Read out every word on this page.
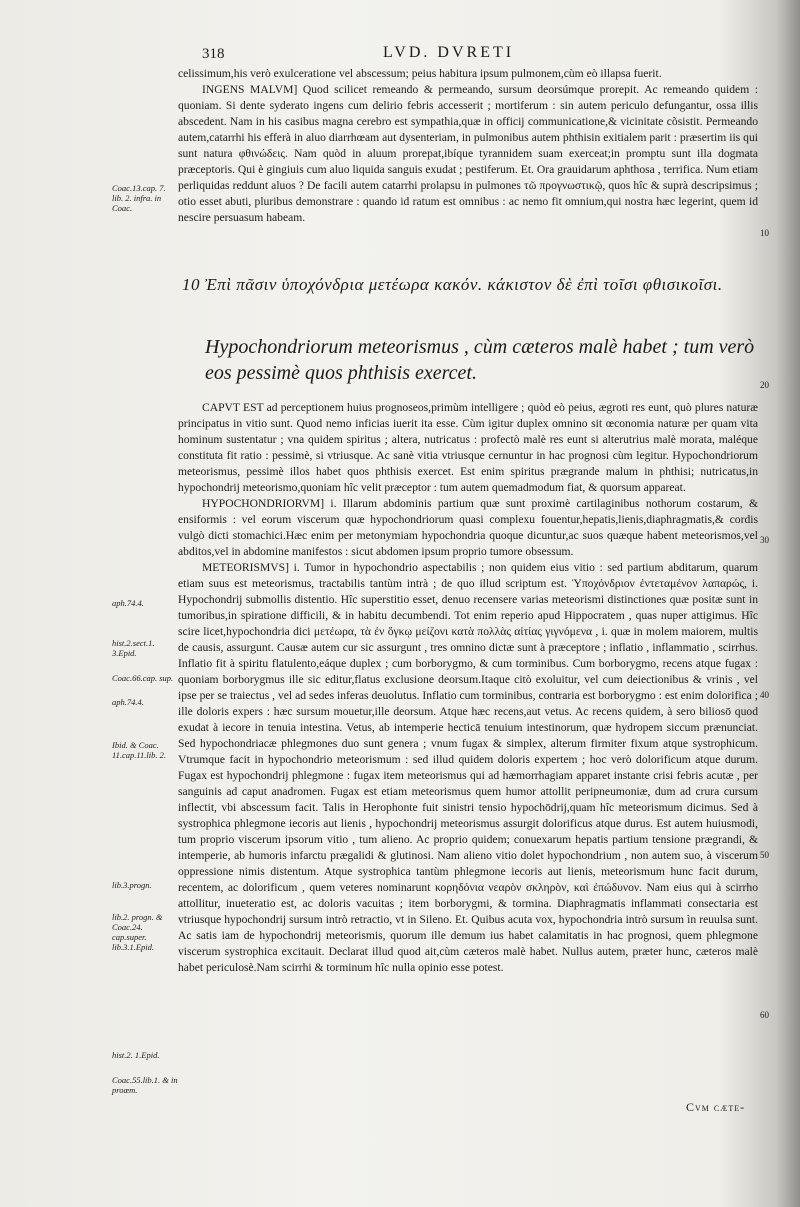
318	LVD. DVRETI

celissimum,his verò exulceratione vel abscessum; peius habitura ipsum pulmonem,cùm eò illapsa fuerit.

INGENS MALVM] Quod scilicet remeando & permeando, sursum deorsúmque prorepit. Ac remeando quidem : quoniam. Si dente syderato ingens cum delirio febris accesserit ; mortiferum : sin autem periculo defungantur, ossa illis abscedent. Nam in his casibus magna cerebro est sympathia,quæ in officij communicatione,& vicinitate cõsistit. Permeando autem,catarrhi his efferà in aluo diarrhœam aut dysenteriam, in pulmonibus autem phthisin exitialem parit : præsertim iis qui sunt natura φθινώδεις. Nam quòd in aluum prorepat,ibíque tyrannidem suam exerceat;in promptu sunt illa dogmata præceptoris. Qui è gingiuis cum aluo liquida sanguis exudat ; pestiferum. Et. Ora grauidarum aphthosa , terrifica. Num etiam perliquidas reddunt aluos ? De facili autem catarrhi prolapsu in pulmones τῶ προγνωστικῷ, quos hîc & suprà descripsimus ; otio esset abuti, pluribus demonstrare : quando id ratum est omnibus : ac nemo fit omnium,qui nostra hæc legerint, quem id nescire persuasum habeam.

10 Ἐπὶ πᾶσιν ὑποχόνδρια μετέωρα κακόν. κάκιστον δὲ ἐπὶ τοῖσι φθισικοῖσι.
Hypochondriorum meteorismus , cùm cæteros malè habet ; tum verò eos pessimè quos phthisis exercet.

CAPVT EST ad perceptionem huius prognoseos,primùm intelligere ; quòd eò peius, ægroti res eunt, quò plures naturæ principatus in vitio sunt. Quod nemo inficias iuerit ita esse. Cùm igitur duplex omnino sit œconomia naturæ per quam vita hominum sustentatur ; vna quidem spiritus ; altera, nutricatus : profectò malè res eunt si alterutrius malè morata, maléque constituta fit ratio : pessimè, si vtriusque. Ac sanè vitia vtriusque cernuntur in hac prognosi cùm legitur. Hypochondriorum meteorismus, pessimè illos habet quos phthisis exercet. Est enim spiritus prægrande malum in phthisi; nutricatus,in hypochondrij meteorismo,quoniam hîc velit præceptor : tum autem quemadmodum fiat, & quorsum appareat.

HYPOCHONDRIORVM] i. Illarum abdominis partium quæ sunt proximè cartilaginibus nothorum costarum, & ensiformis : vel eorum viscerum quæ hypochondriorum quasi complexu fouentur,hepatis,lienis,diaphragmatis,& cordis vulgò dicti stomachici.Hæc enim per metonymiam hypochondria quoque dicuntur,ac suos quæque habent meteorismos,vel abditos,vel in abdomine manifestos : sicut abdomen ipsum proprio tumore obsessum.

METEORISMVS] i. Tumor in hypochondrio aspectabilis ; non quidem eius vitio : sed partium abditarum, quarum etiam suus est meteorismus, tractabilis tantùm intrà ; de quo illud scriptum est. Ὑποχόνδριον ἐντεταμένον λαπαρώς, i. Hypochondrij submollis distentio. Hîc superstitio esset, denuo recensere varias meteorismi distinctiones quæ positæ sunt in tumoribus,in spiratione difficili, & in habitu decumbendi. Tot enim reperio apud Hippocratem , quas nuper attigimus. Hîc scire licet,hypochondria dici μετέωρα, τὰ ἐν ὄγκῳ μείζονι κατὰ πολλὰς αἰτίας γιγνόμενα , i. quæ in molem maiorem, multis de causis, assurgunt. Causæ autem cur sic assurgunt , tres omnino dictæ sunt à præceptore ; inflatio , inflammatio , scirrhus. Inflatio fit à spiritu flatulento,eáque duplex ; cum borborygmo, & cum torminibus. Cum borborygmo, recens atque fugax : quoniam borborygmus ille sic editur,flatus exclusione deorsum.Itaque citò exoluitur, vel cum deiectionibus & vrinis , vel ipse per se traiectus , vel ad sedes inferas deuolutus. Inflatio cum torminibus, contraria est borborygmo : est enim dolorifica ; ille doloris expers : hæc sursum mouetur,ille deorsum. Atque hæc recens,aut vetus. Ac recens quidem, à sero biliosō quod exudat à iecore in tenuia intestina. Vetus, ab intemperie hecticā tenuium intestinorum, quæ hydropem siccum prænunciat. Sed hypochondriacæ phlegmones duo sunt genera ; vnum fugax & simplex, alterum firmiter fixum atque systrophicum. Vtrumque facit in hypochondrio meteorismum : sed illud quidem doloris expertem ; hoc verò dolorificum atque durum. Fugax est hypochondrij phlegmone : fugax item meteorismus qui ad hæmorrhagiam apparet instante crisi febris acutæ , per sanguinis ad caput anadromen. Fugax est etiam meteorismus quem humor attollit peripneumoniæ, dum ad crura cursum inflectit, vbi abscessum facit. Talis in Herophonte fuit sinistri tensio hypochōdrij,quam hîc meteorismum dicimus. Sed à systrophica phlegmone iecoris aut lienis , hypochondrij meteorismus assurgit dolorificus atque durus. Est autem huiusmodi, tum proprio viscerum ipsorum vitio , tum alieno. Ac proprio quidem; conuexarum hepatis partium tensione prægrandi, & intemperie, ab humoris infarctu prægalidi & glutinosi. Nam alieno vitio dolet hypochondrium , non autem suo, à viscerum oppressione nimis distentum. Atque systrophica tantùm phlegmone iecoris aut lienis, meteorismum hunc facit durum, recentem, ac dolorificum , quem veteres nominarunt κορηδόνια νεαρὸν σκληρὸν, καὶ ἐπώδυνον. Nam eius qui à scirrho attollitur, inueteratio est, ac doloris vacuitas ; item borborygmi, & tormina. Diaphragmatis inflammati consectaria est vtriusque hypochondrij sursum intrò retractio, vt in Sileno. Et. Quibus acuta vox, hypochondria intrò sursum ìn reuulsa sunt. Ac satis iam de hypochondrij meteorismis, quorum ille demum ius habet calamitatis in hac prognosi, quem phlegmone viscerum systrophica excitauit. Declarat illud quod ait,cùm cæteros malè habet. Nullus autem, præter hunc, cæteros malè habet periculosè.Nam scirrhi & torminum hîc nulla opinio esse potest.

Coac.13.cap. 7. lib. 2. infra. in Coac.
aph.74.4.
hist.2.sect.1. 3.Epid.
Coac.66.cap. sup.
aph.74.4.
Ibid. & Coac. 11.cap.11.lib. 2.
lib.3.progn.
lib.2. progn. & Coac.24. cap.super. lib.3.1.Epid.
hist.2. 1.Epid.
Coac.55.lib.1. & in proœm.
10
20
30
40
50
60
Cvm cæte-
